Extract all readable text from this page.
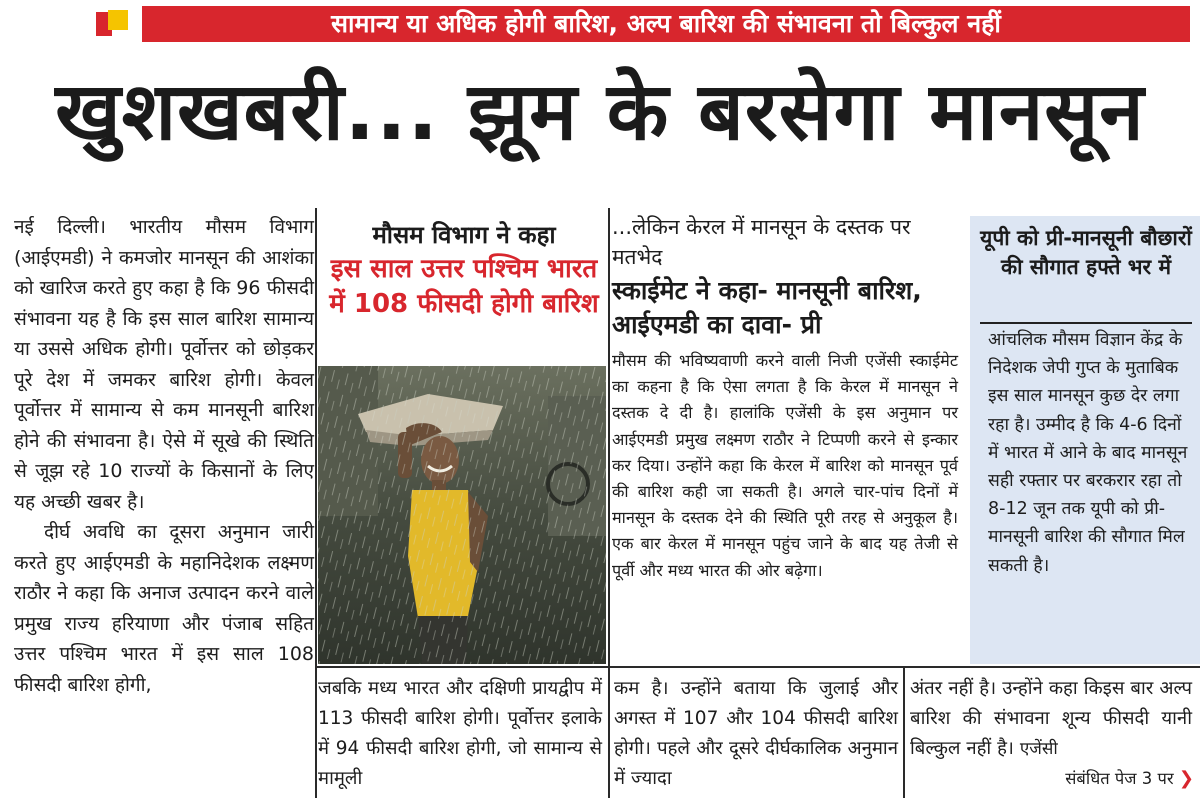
सामान्य या अधिक होगी बारिश, अल्प बारिश की संभावना तो बिल्कुल नहीं
खुशखबरी... झूम के बरसेगा मानसून

नई दिल्ली। भारतीय मौसम विभाग (आईएमडी) ने कमजोर मानसून की आशंका को खारिज करते हुए कहा है कि 96 फीसदी संभावना यह है कि इस साल बारिश सामान्य या उससे अधिक होगी। पूर्वोत्तर को छोड़कर पूरे देश में जमकर बारिश होगी। केवल पूर्वोत्तर में सामान्य से कम मानसूनी बारिश होने की संभावना है। ऐसे में सूखे की स्थिति से जूझ रहे 10 राज्यों के किसानों के लिए यह अच्छी खबर है।

दीर्घ अवधि का दूसरा अनुमान जारी करते हुए आईएमडी के महानिदेशक लक्ष्मण राठौर ने कहा कि अनाज उत्पादन करने वाले प्रमुख राज्य हरियाणा और पंजाब सहित उत्तर पश्चिम भारत में इस साल 108 फीसदी बारिश होगी,

मौसम विभाग ने कहा
इस साल उत्तर पश्चिम भारत में 108 फीसदी होगी बारिश
...लेकिन केरल में मानसून के दस्तक पर मतभेद
स्काईमेट ने कहा- मानसूनी बारिश, आईएमडी का दावा- प्री
मौसम की भविष्यवाणी करने वाली निजी एजेंसी स्काईमेट का कहना है कि ऐसा लगता है कि केरल में मानसून ने दस्तक दे दी है। हालांकि एजेंसी के इस अनुमान पर आईएमडी प्रमुख लक्ष्मण राठौर ने टिप्पणी करने से इन्कार कर दिया। उन्होंने कहा कि केरल में बारिश को मानसून पूर्व की बारिश कही जा सकती है। अगले चार-पांच दिनों में मानसून के दस्तक देने की स्थिति पूरी तरह से अनुकूल है। एक बार केरल में मानसून पहुंच जाने के बाद यह तेजी से पूर्वी और मध्य भारत की ओर बढ़ेगा।
यूपी को प्री-मानसूनी बौछारों की सौगात हफ्ते भर में
आंचलिक मौसम विज्ञान केंद्र के निदेशक जेपी गुप्त के मुताबिक इस साल मानसून कुछ देर लगा रहा है। उम्मीद है कि 4-6 दिनों में भारत में आने के बाद मानसून सही रफ्तार पर बरकरार रहा तो 8-12 जून तक यूपी को प्री-मानसूनी बारिश की सौगात मिल सकती है।
जबकि मध्य भारत और दक्षिणी प्रायद्वीप में 113 फीसदी बारिश होगी। पूर्वोत्तर इलाके में 94 फीसदी बारिश होगी, जो सामान्य से मामूली
कम है। उन्होंने बताया कि जुलाई और अगस्त में 107 और 104 फीसदी बारिश होगी। पहले और दूसरे दीर्घकालिक अनुमान में ज्यादा
अंतर नहीं है। उन्होंने कहा किइस बार अल्प बारिश की संभावना शून्य फीसदी यानी बिल्कुल नहीं है। एजेंसी
संबंधित पेज 3 पर ❯
